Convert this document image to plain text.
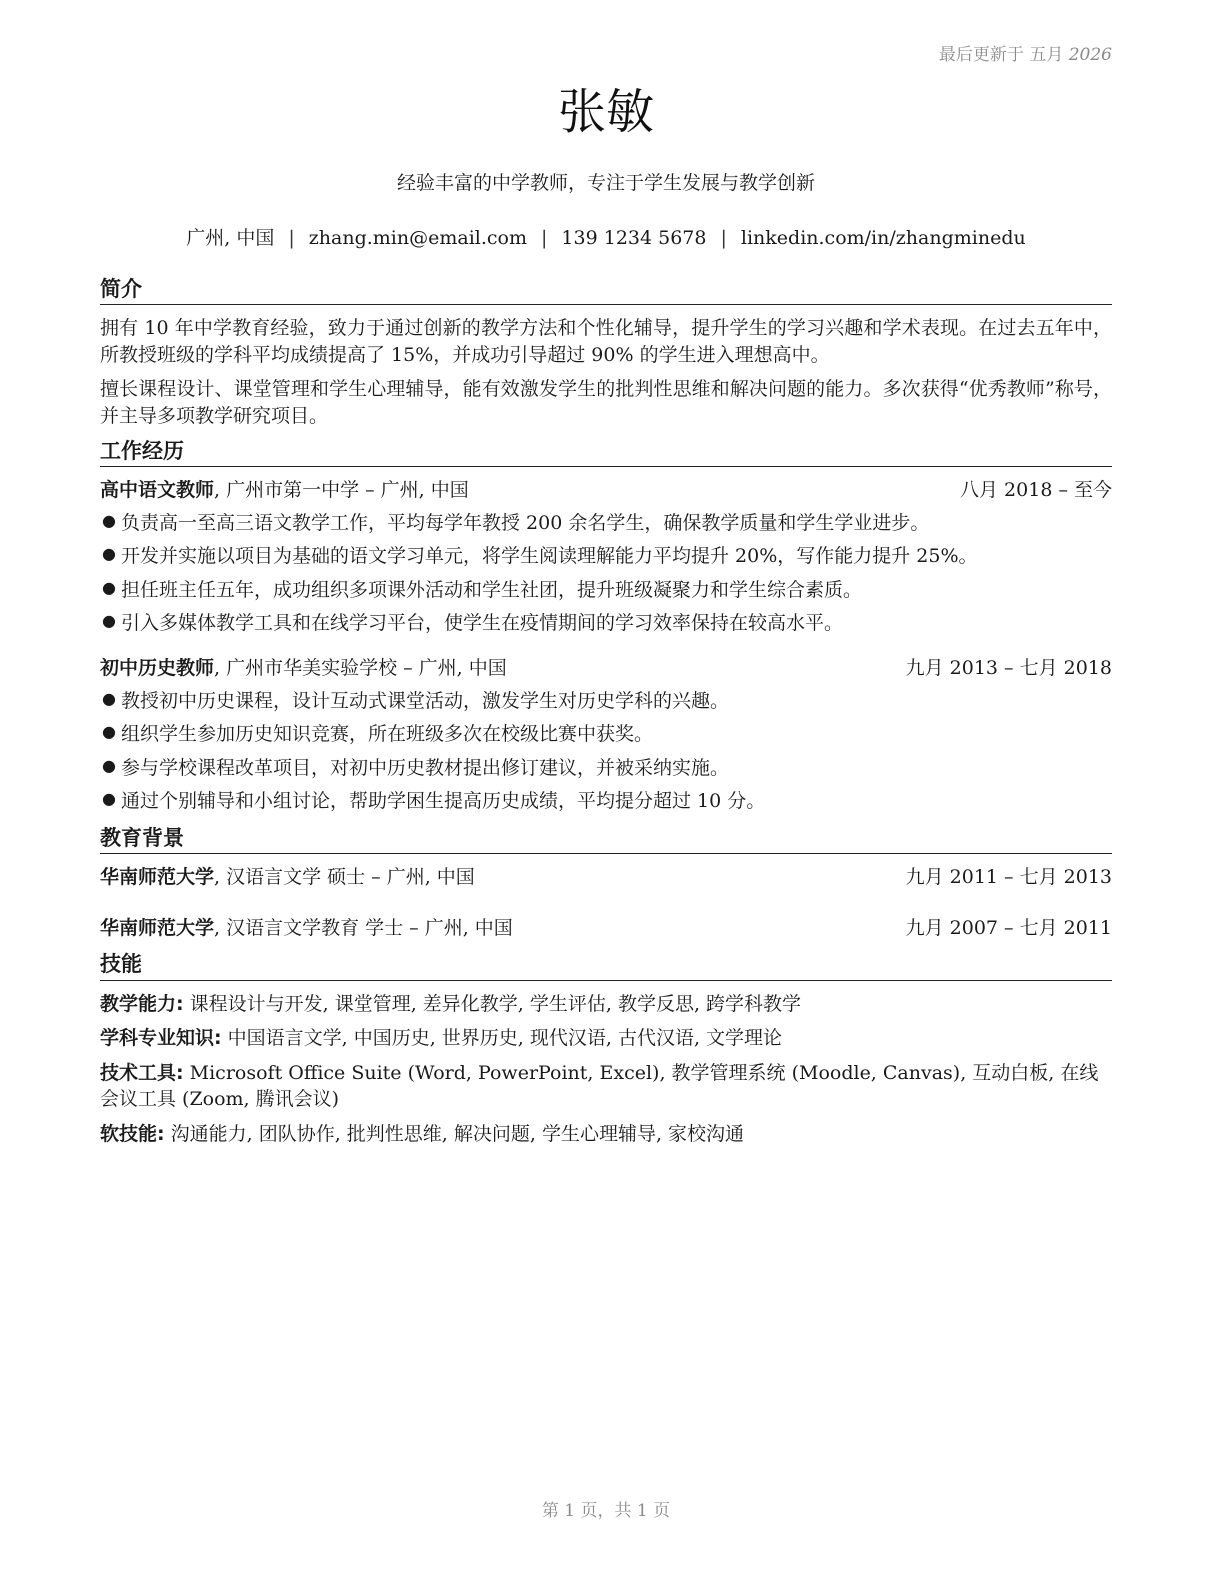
最后更新于 五月 2026
张敏
经验丰富的中学教师，专注于学生发展与教学创新
广州, 中国 | zhang.min@email.com | 139 1234 5678 | linkedin.com/in/zhangminedu
简介

拥有 10 年中学教育经验，致力于通过创新的教学方法和个性化辅导，提升学生的学习兴趣和学术表现。在过去五年中，所教授班级的学科平均成绩提高了 15%，并成功引导超过 90% 的学生进入理想高中。

擅长课程设计、课堂管理和学生心理辅导，能有效激发学生的批判性思维和解决问题的能力。多次获得“优秀教师”称号，并主导多项教学研究项目。

工作经历
高中语文教师, 广州市第一中学 – 广州, 中国	八月 2018 – 至今
● 负责高一至高三语文教学工作，平均每学年教授 200 余名学生，确保教学质量和学生学业进步。
● 开发并实施以项目为基础的语文学习单元，将学生阅读理解能力平均提升 20%，写作能力提升 25%。
● 担任班主任五年，成功组织多项课外活动和学生社团，提升班级凝聚力和学生综合素质。
● 引入多媒体教学工具和在线学习平台，使学生在疫情期间的学习效率保持在较高水平。
初中历史教师, 广州市华美实验学校 – 广州, 中国	九月 2013 – 七月 2018
● 教授初中历史课程，设计互动式课堂活动，激发学生对历史学科的兴趣。
● 组织学生参加历史知识竞赛，所在班级多次在校级比赛中获奖。
● 参与学校课程改革项目，对初中历史教材提出修订建议，并被采纳实施。
● 通过个别辅导和小组讨论，帮助学困生提高历史成绩，平均提分超过 10 分。
教育背景
华南师范大学, 汉语言文学 硕士 – 广州, 中国	九月 2011 – 七月 2013
华南师范大学, 汉语言文学教育 学士 – 广州, 中国	九月 2007 – 七月 2011
技能
教学能力: 课程设计与开发, 课堂管理, 差异化教学, 学生评估, 教学反思, 跨学科教学
学科专业知识: 中国语言文学, 中国历史, 世界历史, 现代汉语, 古代汉语, 文学理论
技术工具: Microsoft Office Suite (Word, PowerPoint, Excel), 教学管理系统 (Moodle, Canvas), 互动白板, 在线会议工具 (Zoom, 腾讯会议)
软技能: 沟通能力, 团队协作, 批判性思维, 解决问题, 学生心理辅导, 家校沟通
第 1 页，共 1 页
